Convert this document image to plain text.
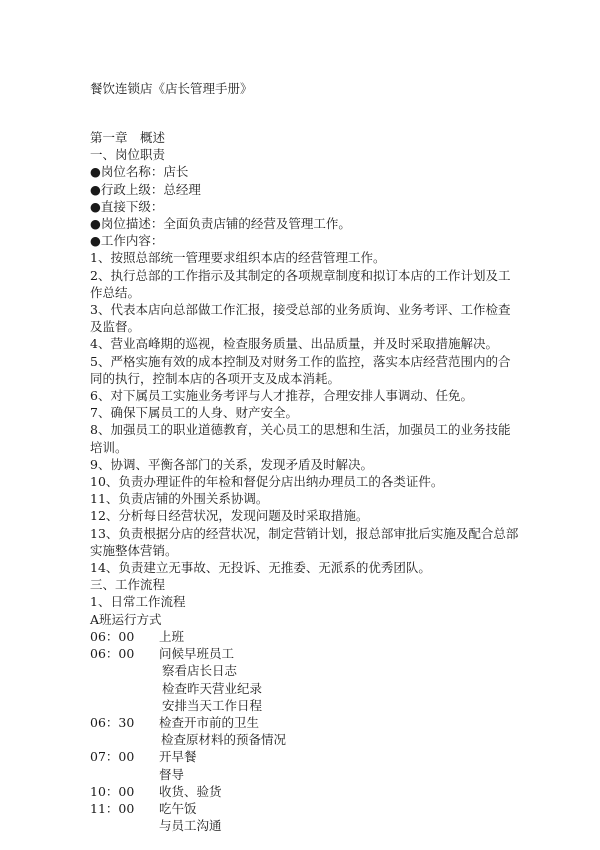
餐饮连锁店《店长管理手册》
第一章　概述
一、岗位职责
●岗位名称：店长
●行政上级：总经理
●直接下级：
●岗位描述：全面负责店铺的经营及管理工作。
●工作内容：
1、按照总部统一管理要求组织本店的经营管理工作。
2、执行总部的工作指示及其制定的各项规章制度和拟订本店的工作计划及工作总结。
3、代表本店向总部做工作汇报，接受总部的业务质询、业务考评、工作检查及监督。
4、营业高峰期的巡视，检查服务质量、出品质量，并及时采取措施解决。
5、严格实施有效的成本控制及对财务工作的监控，落实本店经营范围内的合同的执行，控制本店的各项开支及成本消耗。
6、对下属员工实施业务考评与人才推荐，合理安排人事调动、任免。
7、确保下属员工的人身、财产安全。
8、加强员工的职业道德教育，关心员工的思想和生活，加强员工的业务技能培训。
9、协调、平衡各部门的关系，发现矛盾及时解决。
10、负责办理证件的年检和督促分店出纳办理员工的各类证件。
11、负责店铺的外围关系协调。
12、分析每日经营状况，发现问题及时采取措施。
13、负责根据分店的经营状况，制定营销计划，报总部审批后实施及配合总部实施整体营销。
14、负责建立无事故、无投诉、无推委、无派系的优秀团队。
三、工作流程
1、日常工作流程
A班运行方式
06：00	上班
06：00	问候早班员工
察看店长日志
检查昨天营业纪录
安排当天工作日程
06：30	检查开市前的卫生
检查原材料的预备情况
07：00	开早餐
督导
10：00	收货、验货
11：00	吃午饭
与员工沟通
